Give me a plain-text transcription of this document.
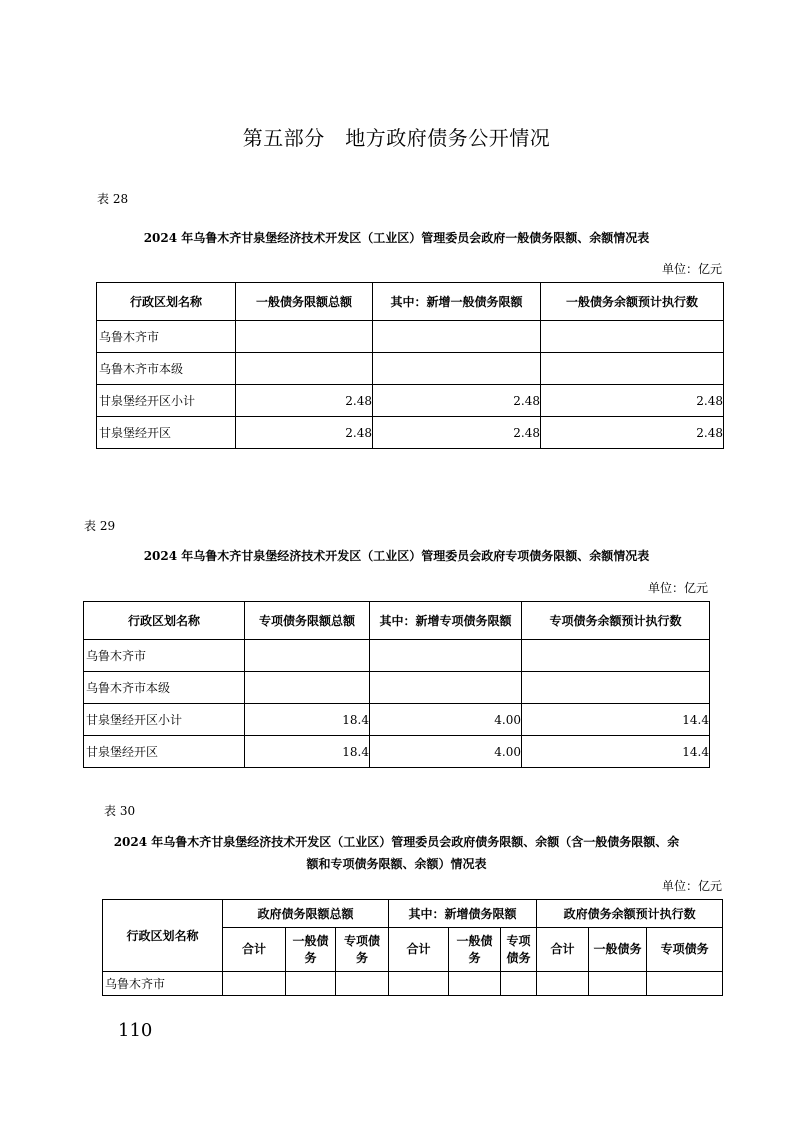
第五部分　地方政府债务公开情况
表 28
2024 年乌鲁木齐甘泉堡经济技术开发区（工业区）管理委员会政府一般债务限额、余额情况表
单位：亿元
行政区划名称	一般债务限额总额	其中：新增一般债务限额	一般债务余额预计执行数
乌鲁木齐市			
乌鲁木齐市本级			
甘泉堡经开区小计	2.48	2.48	2.48
甘泉堡经开区	2.48	2.48	2.48
表 29
2024 年乌鲁木齐甘泉堡经济技术开发区（工业区）管理委员会政府专项债务限额、余额情况表
单位：亿元
行政区划名称	专项债务限额总额	其中：新增专项债务限额	专项债务余额预计执行数
乌鲁木齐市			
乌鲁木齐市本级			
甘泉堡经开区小计	18.4	4.00	14.4
甘泉堡经开区	18.4	4.00	14.4
表 30
2024 年乌鲁木齐甘泉堡经济技术开发区（工业区）管理委员会政府债务限额、余额（含一般债务限额、余
额和专项债务限额、余额）情况表
单位：亿元
行政区划名称	政府债务限额总额			其中：新增债务限额			政府债务余额预计执行数		
	合计	一般债务	专项债务	合计	一般债务	专项债务	合计	一般债务	专项债务
乌鲁木齐市									
110
